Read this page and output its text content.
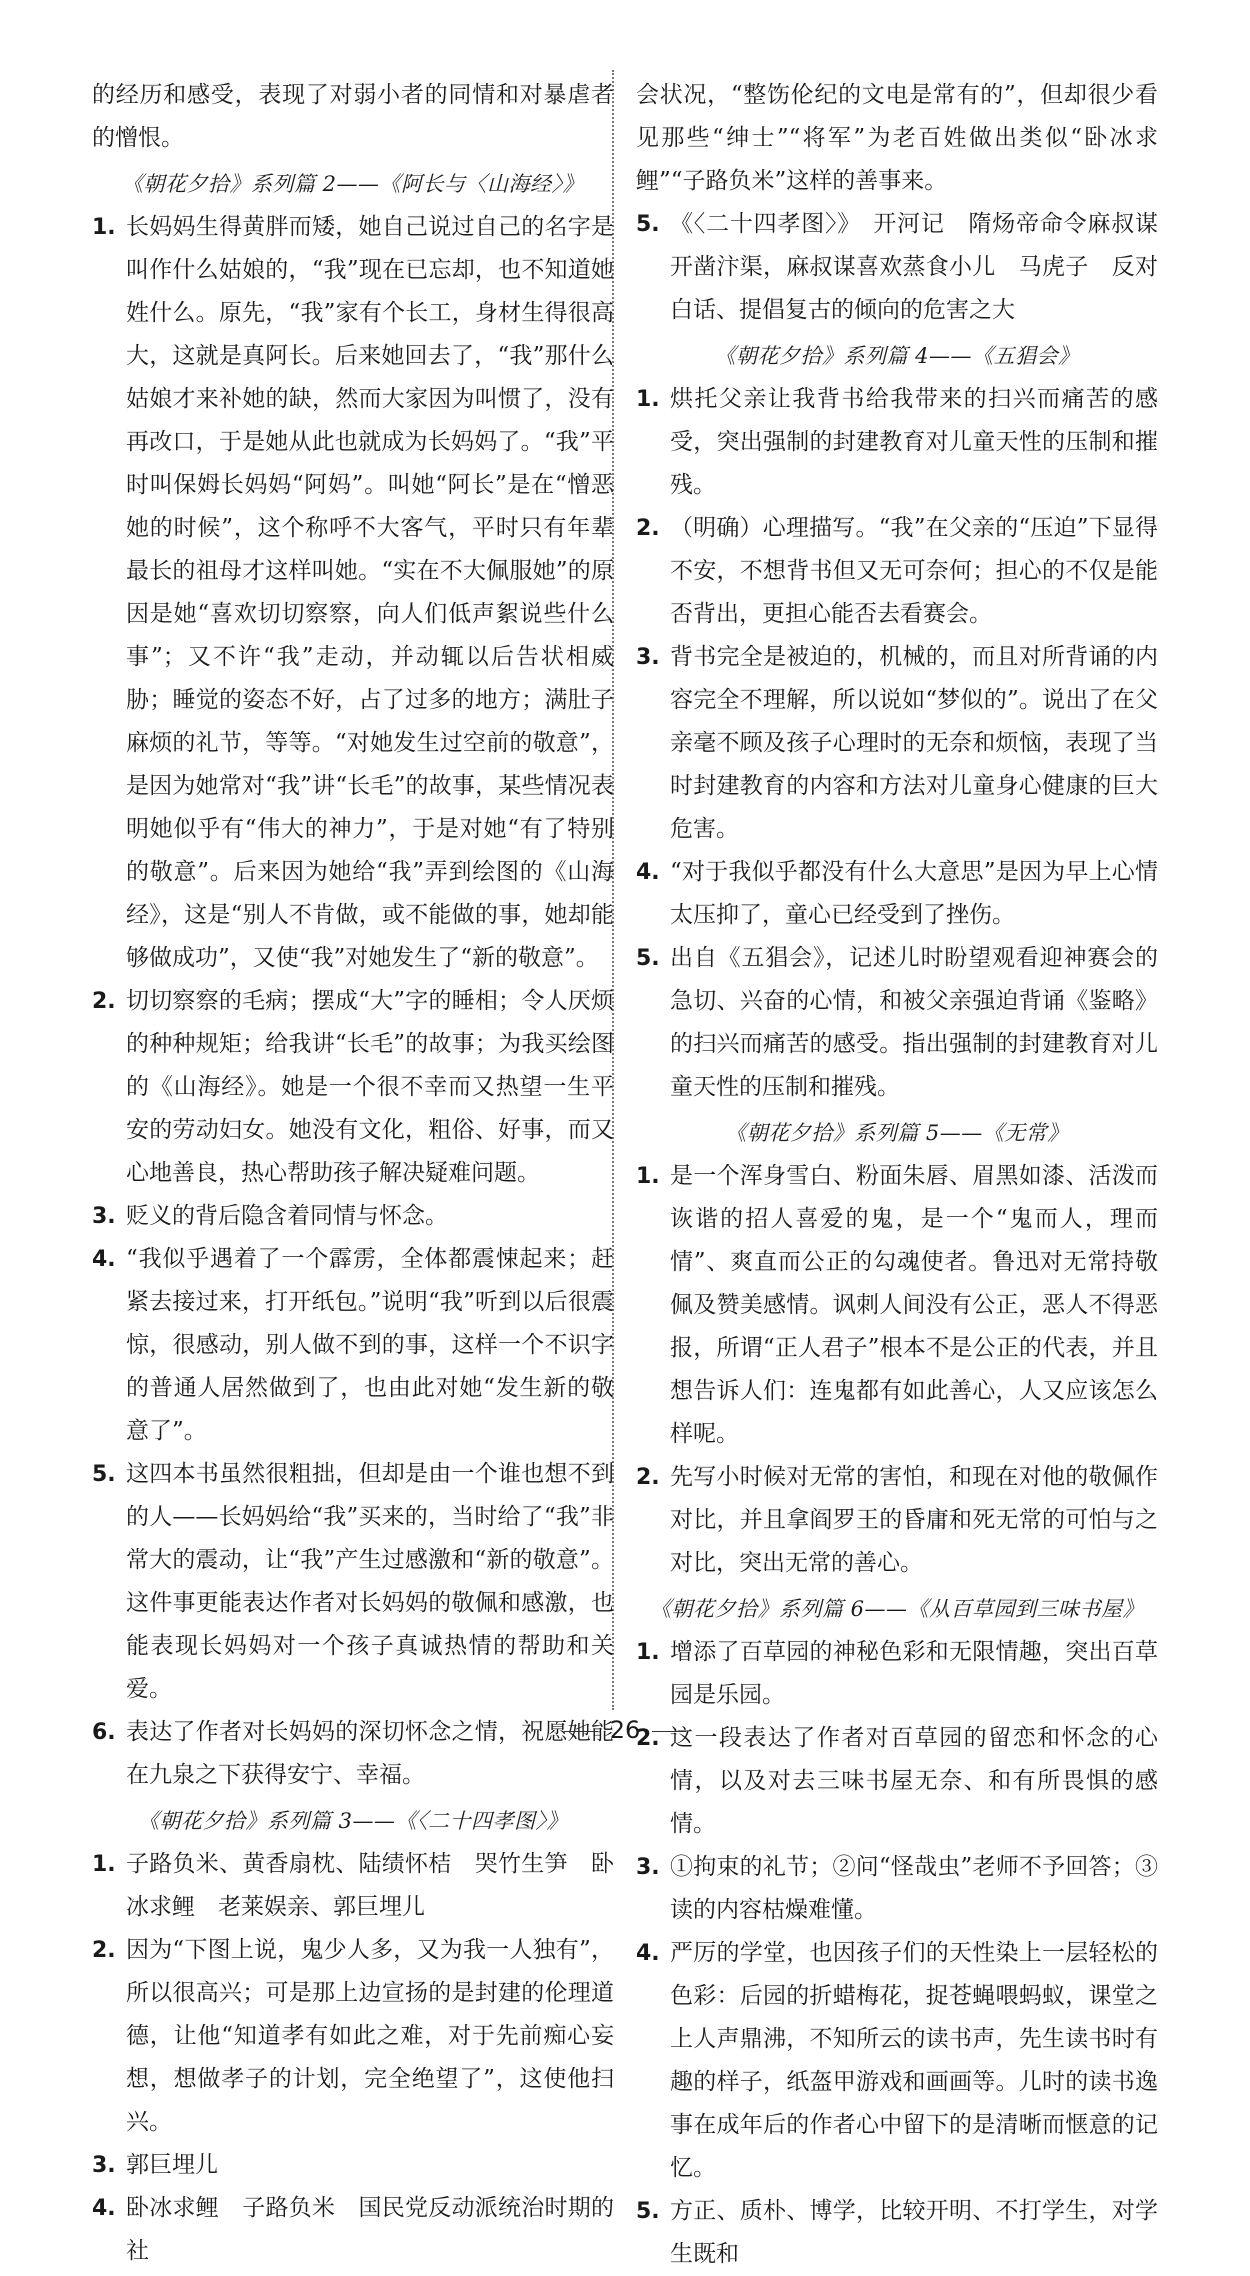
的经历和感受，表现了对弱小者的同情和对暴虐者的憎恨。

《朝花夕拾》系列篇 2——《阿长与〈山海经〉》
1. 长妈妈生得黄胖而矮，她自己说过自己的名字是叫作什么姑娘的，“我”现在已忘却，也不知道她姓什么。原先，“我”家有个长工，身材生得很高大，这就是真阿长。后来她回去了，“我”那什么姑娘才来补她的缺，然而大家因为叫惯了，没有再改口，于是她从此也就成为长妈妈了。“我”平时叫保姆长妈妈“阿妈”。叫她“阿长”是在“憎恶她的时候”，这个称呼不大客气，平时只有年辈最长的祖母才这样叫她。“实在不大佩服她”的原因是她“喜欢切切察察，向人们低声絮说些什么事”；又不许“我”走动，并动辄以后告状相威胁；睡觉的姿态不好，占了过多的地方；满肚子麻烦的礼节，等等。“对她发生过空前的敬意”，是因为她常对“我”讲“长毛”的故事，某些情况表明她似乎有“伟大的神力”，于是对她“有了特别的敬意”。后来因为她给“我”弄到绘图的《山海经》，这是“别人不肯做，或不能做的事，她却能够做成功”，又使“我”对她发生了“新的敬意”。
2. 切切察察的毛病；摆成“大”字的睡相；令人厌烦的种种规矩；给我讲“长毛”的故事；为我买绘图的《山海经》。她是一个很不幸而又热望一生平安的劳动妇女。她没有文化，粗俗、好事，而又心地善良，热心帮助孩子解决疑难问题。
3. 贬义的背后隐含着同情与怀念。
4. “我似乎遇着了一个霹雳，全体都震悚起来；赶紧去接过来，打开纸包。”说明“我”听到以后很震惊，很感动，别人做不到的事，这样一个不识字的普通人居然做到了，也由此对她“发生新的敬意了”。
5. 这四本书虽然很粗拙，但却是由一个谁也想不到的人——长妈妈给“我”买来的，当时给了“我”非常大的震动，让“我”产生过感激和“新的敬意”。这件事更能表达作者对长妈妈的敬佩和感激，也能表现长妈妈对一个孩子真诚热情的帮助和关爱。
6. 表达了作者对长妈妈的深切怀念之情，祝愿她能在九泉之下获得安宁、幸福。
《朝花夕拾》系列篇 3——《〈二十四孝图〉》
1. 子路负米、黄香扇枕、陆绩怀桔　哭竹生笋　卧冰求鲤　老莱娱亲、郭巨埋儿
2. 因为“下图上说，鬼少人多，又为我一人独有”，所以很高兴；可是那上边宣扬的是封建的伦理道德，让他“知道孝有如此之难，对于先前痴心妄想，想做孝子的计划，完全绝望了”，这使他扫兴。
3. 郭巨埋儿
4. 卧冰求鲤　子路负米　国民党反动派统治时期的社

会状况，“整饬伦纪的文电是常有的”，但却很少看见那些“绅士”“将军”为老百姓做出类似“卧冰求鲤”“子路负米”这样的善事来。

5. 《〈二十四孝图〉》　开河记　隋炀帝命令麻叔谋开凿汴渠，麻叔谋喜欢蒸食小儿　马虎子　反对白话、提倡复古的倾向的危害之大
《朝花夕拾》系列篇 4——《五猖会》
1. 烘托父亲让我背书给我带来的扫兴而痛苦的感受，突出强制的封建教育对儿童天性的压制和摧残。
2. （明确）心理描写。“我”在父亲的“压迫”下显得不安，不想背书但又无可奈何；担心的不仅是能否背出，更担心能否去看赛会。
3. 背书完全是被迫的，机械的，而且对所背诵的内容完全不理解，所以说如“梦似的”。说出了在父亲毫不顾及孩子心理时的无奈和烦恼，表现了当时封建教育的内容和方法对儿童身心健康的巨大危害。
4. “对于我似乎都没有什么大意思”是因为早上心情太压抑了，童心已经受到了挫伤。
5. 出自《五猖会》，记述儿时盼望观看迎神赛会的急切、兴奋的心情，和被父亲强迫背诵《鉴略》的扫兴而痛苦的感受。指出强制的封建教育对儿童天性的压制和摧残。
《朝花夕拾》系列篇 5——《无常》
1. 是一个浑身雪白、粉面朱唇、眉黑如漆、活泼而诙谐的招人喜爱的鬼，是一个“鬼而人，理而情”、爽直而公正的勾魂使者。鲁迅对无常持敬佩及赞美感情。讽刺人间没有公正，恶人不得恶报，所谓“正人君子”根本不是公正的代表，并且想告诉人们：连鬼都有如此善心，人又应该怎么样呢。
2. 先写小时候对无常的害怕，和现在对他的敬佩作对比，并且拿阎罗王的昏庸和死无常的可怕与之对比，突出无常的善心。
《朝花夕拾》系列篇 6——《从百草园到三味书屋》
1. 增添了百草园的神秘色彩和无限情趣，突出百草园是乐园。
2. 这一段表达了作者对百草园的留恋和怀念的心情，以及对去三味书屋无奈、和有所畏惧的感情。
3. ①拘束的礼节；②问“怪哉虫”老师不予回答；③读的内容枯燥难懂。
4. 严厉的学堂，也因孩子们的天性染上一层轻松的色彩：后园的折蜡梅花，捉苍蝇喂蚂蚁，课堂之上人声鼎沸，不知所云的读书声，先生读书时有趣的样子，纸盔甲游戏和画画等。儿时的读书逸事在成年后的作者心中留下的是清晰而惬意的记忆。
5. 方正、质朴、博学，比较开明、不打学生，对学生既和
26
